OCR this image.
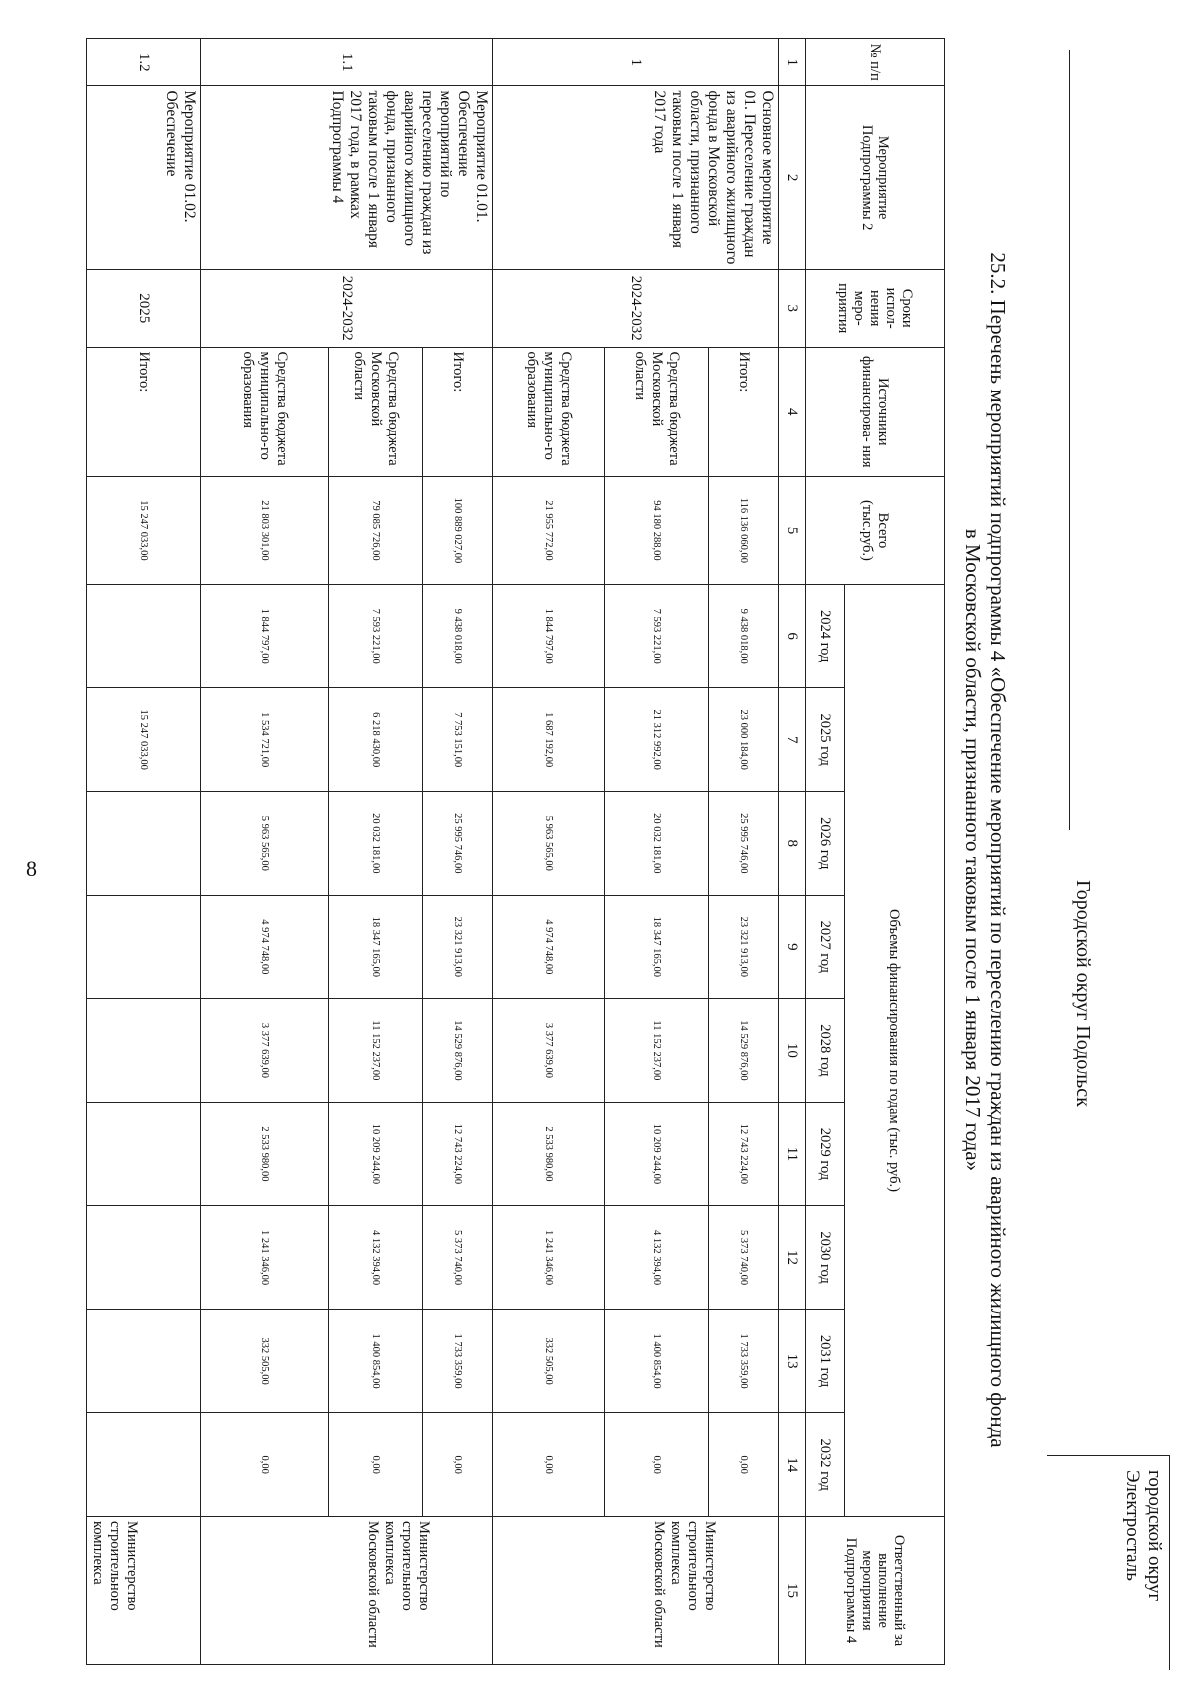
8
Городской округ Подольск
городской округ Электросталь
25.2. Перечень мероприятий подпрограммы 4 «Обеспечение мероприятий по переселению граждан из аварийного жилищного фонда
в Московской области, признанного таковым после 1 января 2017 года»
№ п/п	Мероприятие Подпрограммы 2	Сроки испол- нения меро- приятия	Источники финансирова- ния	Всего (тыс.руб.)	Объемы финансирования по годам (тыс. руб.)									Ответственный за выполнение мероприятия Подпрограммы 4
					2024 год	2025 год	2026 год	2027 год	2028 год	2029 год	2030 год	2031 год	2032 год	
1	2	3	4	5	6	7	8	9	10	11	12	13	14	15
1	Основное мероприятие 01. Переселение граждан из аварийного жилищного фонда в Московской области, признанного таковым после 1 января 2017 года	2024-2032	Итого:	116 136 060,00	9 438 018,00	23 000 184,00	25 995 746,00	23 321 913,00	14 529 876,00	12 743 224,00	5 373 740,00	1 733 359,00	0,00	Министерство строительного комплекса Московской области
			Средства бюджета Московской области	94 180 288,00	7 593 221,00	21 312 992,00	20 032 181,00	18 347 165,00	11 152 237,00	10 209 244,00	4 132 394,00	1 400 854,00	0,00	
			Средства бюджета муниципально-го образования	21 955 772,00	1 844 797,00	1 687 192,00	5 963 565,00	4 974 748,00	3 377 639,00	2 533 980,00	1 241 346,00	332 505,00	0,00	
1.1	Мероприятие 01.01. Обеспечение мероприятий по переселению граждан из аварийного жилищного фонда, признанного таковым после 1 января 2017 года, в рамках Подпрограммы 4	2024-2032	Итого:	100 889 027,00	9 438 018,00	7 753 151,00	25 995 746,00	23 321 913,00	14 529 876,00	12 743 224,00	5 373 740,00	1 733 359,00	0,00	Министерство строительного комплекса Московской области
			Средства бюджета Московской области	79 085 726,00	7 593 221,00	6 218 430,00	20 032 181,00	18 347 165,00	11 152 237,00	10 209 244,00	4 132 394,00	1 400 854,00	0,00	
			Средства бюджета муниципально-го образования	21 803 301,00	1 844 797,00	1 534 721,00	5 963 565,00	4 974 748,00	3 377 639,00	2 533 980,00	1 241 346,00	332 505,00	0,00	
1.2	Мероприятие 01.02. Обеспечение	2025	Итого:	15 247 033,00		15 247 033,00								Министерство строительного комплекса
